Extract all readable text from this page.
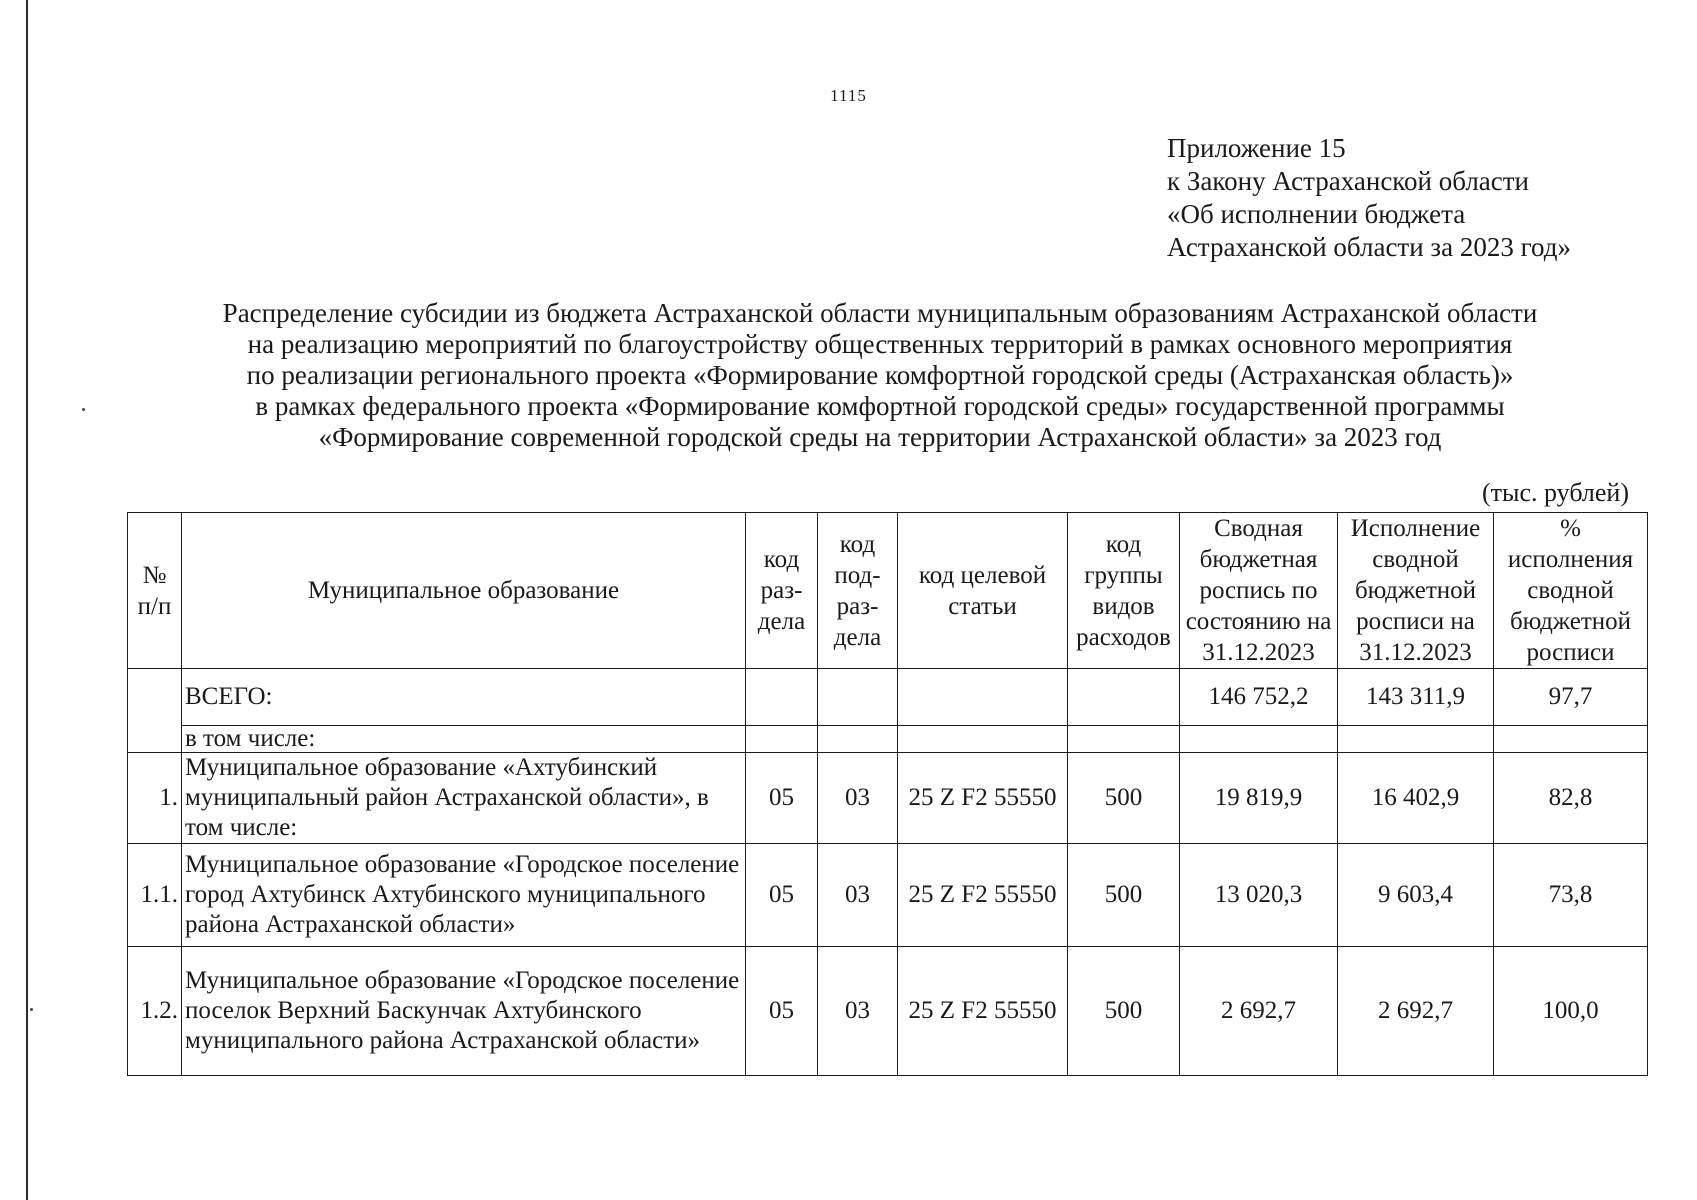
1115
Приложение 15
к Закону Астраханской области
«Об исполнении бюджета
Астраханской области за 2023 год»
Распределение субсидии из бюджета Астраханской области муниципальным образованиям Астраханской области
на реализацию мероприятий по благоустройству общественных территорий в рамках основного мероприятия
по реализации регионального проекта «Формирование комфортной городской среды (Астраханская область)»
в рамках федерального проекта «Формирование комфортной городской среды» государственной программы
«Формирование современной городской среды на территории Астраханской области» за 2023 год
(тыс. рублей)
№ п/п	Муниципальное образование	код раз-дела	код под-раз-дела	код целевой статьи	код группы видов расходов	Сводная бюджетная роспись по состоянию на 31.12.2023	Исполнение сводной бюджетной росписи на 31.12.2023	% исполнения сводной бюджетной росписи
	ВСЕГО:					146 752,2	143 311,9	97,7
	в том числе:							
1.	Муниципальное образование «Ахтубинский муниципальный район Астраханской области», в том числе:	05	03	25 Z F2 55550	500	19 819,9	16 402,9	82,8
1.1.	Муниципальное образование «Городское поселение город Ахтубинск Ахтубинского муниципального района Астраханской области»	05	03	25 Z F2 55550	500	13 020,3	9 603,4	73,8
1.2.	Муниципальное образование «Городское поселение поселок Верхний Баскунчак Ахтубинского муниципального района Астраханской области»	05	03	25 Z F2 55550	500	2 692,7	2 692,7	100,0
